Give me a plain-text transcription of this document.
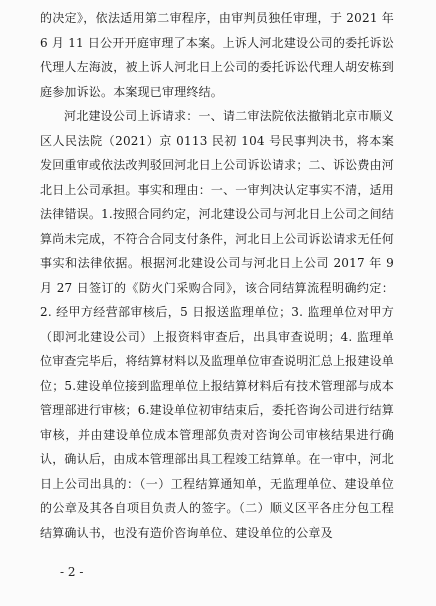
的决定》，依法适用第二审程序，由审判员独任审理，于 2021 年 6 月 11 日公开开庭审理了本案。上诉人河北建设公司的委托诉讼代理人左海波，被上诉人河北日上公司的委托诉讼代理人胡安栋到庭参加诉讼。本案现已审理终结。

河北建设公司上诉请求：一、请二审法院依法撤销北京市顺义区人民法院（2021）京 0113 民初 104 号民事判决书，将本案发回重审或依法改判驳回河北日上公司诉讼请求；二、诉讼费由河北日上公司承担。事实和理由：一、一审判决认定事实不清，适用法律错误。1.按照合同约定，河北建设公司与河北日上公司之间结算尚未完成，不符合合同支付条件，河北日上公司诉讼请求无任何事实和法律依据。根据河北建设公司与河北日上公司 2017 年 9 月 27 日签订的《防火门采购合同》，该合同结算流程明确约定：2. 经甲方经营部审核后，5 日报送监理单位；3. 监理单位对甲方（即河北建设公司）上报资料审查后，出具审查说明；4. 监理单位审查完毕后，将结算材料以及监理单位审查说明汇总上报建设单位；5.建设单位接到监理单位上报结算材料后有技术管理部与成本管理部进行审核；6.建设单位初审结束后，委托咨询公司进行结算审核，并由建设单位成本管理部负责对咨询公司审核结果进行确认，确认后，由成本管理部出具工程竣工结算单。在一审中，河北日上公司出具的：（一）工程结算通知单，无监理单位、建设单位的公章及其各自项目负责人的签字。（二）顺义区平各庄分包工程结算确认书，也没有造价咨询单位、建设单位的公章及

- 2 -
